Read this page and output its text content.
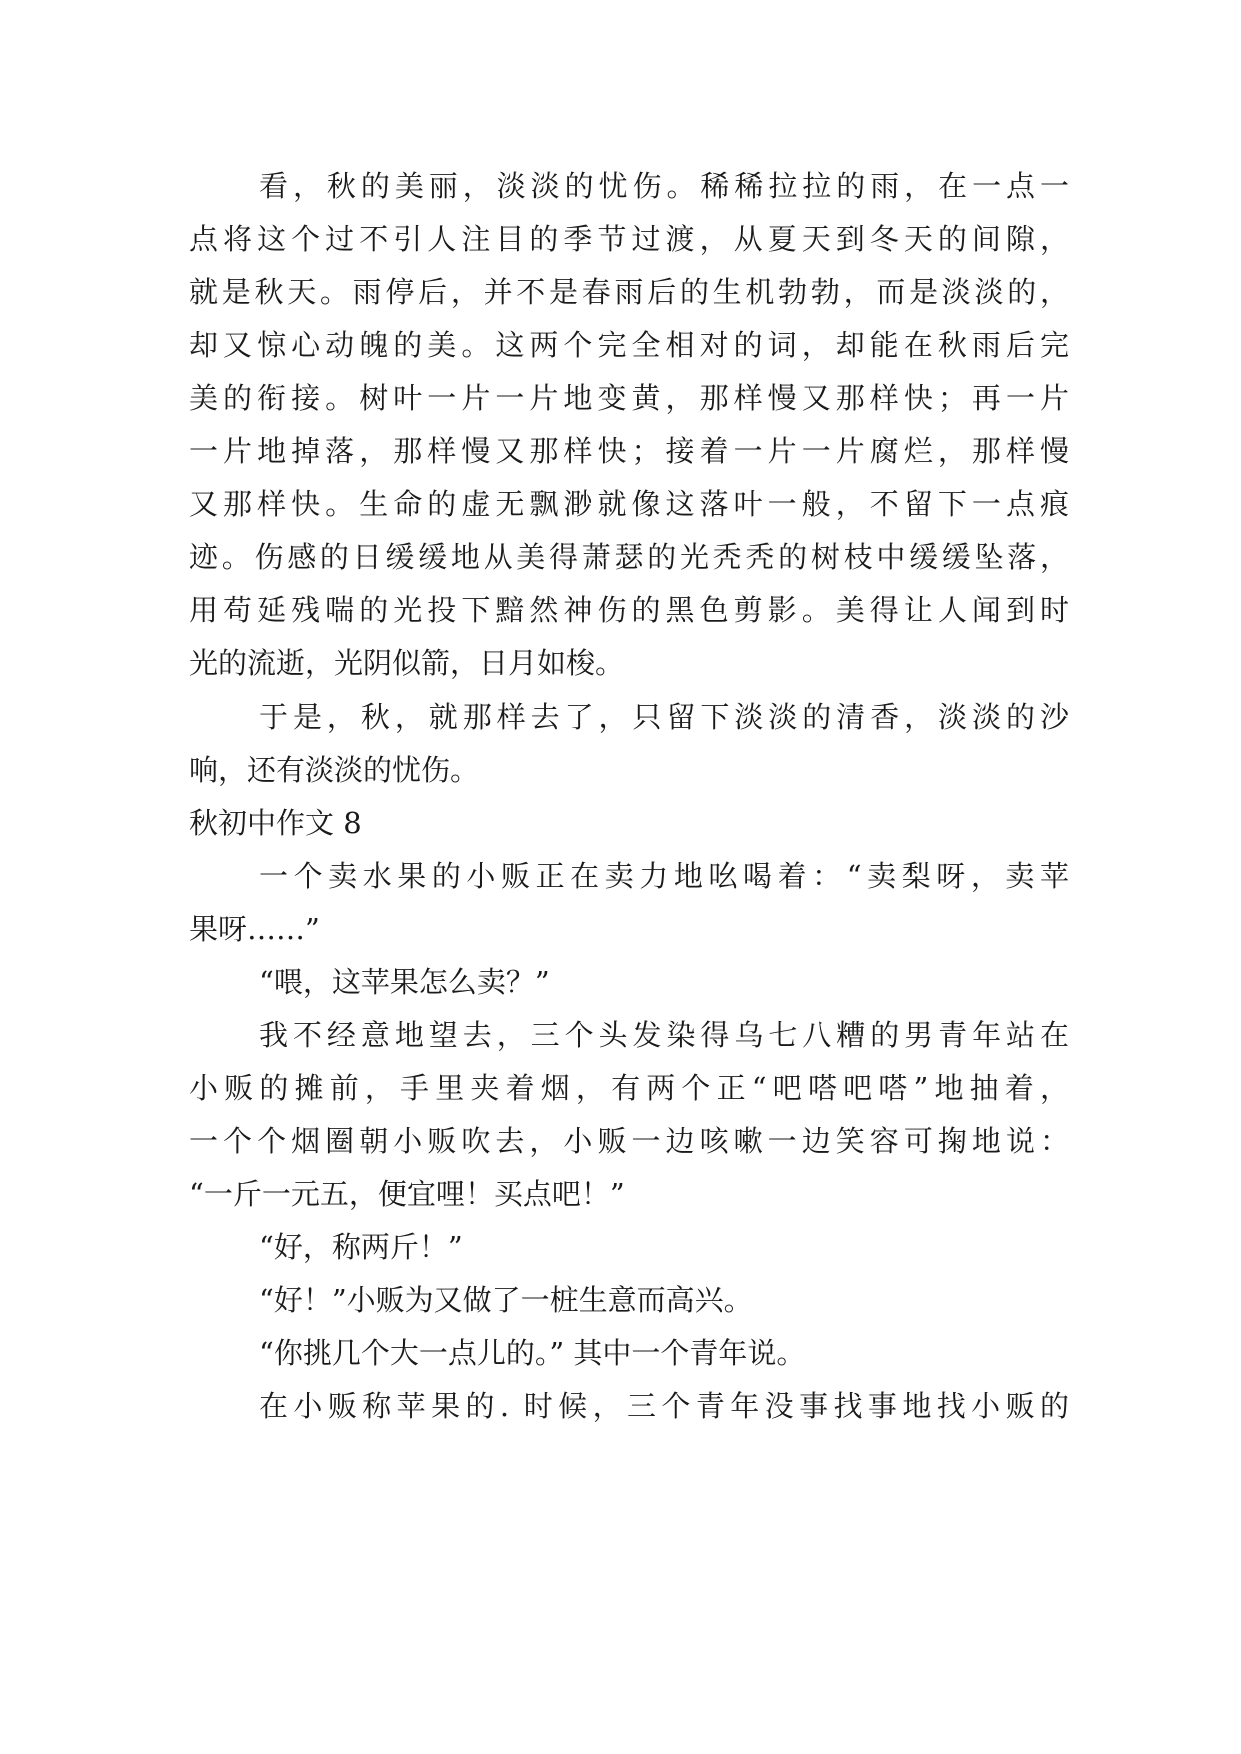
看，秋的美丽，淡淡的忧伤。稀稀拉拉的雨，在一点一
点将这个过不引人注目的季节过渡，从夏天到冬天的间隙，
就是秋天。雨停后，并不是春雨后的生机勃勃，而是淡淡的，
却又惊心动魄的美。这两个完全相对的词，却能在秋雨后完
美的衔接。树叶一片一片地变黄，那样慢又那样快；再一片
一片地掉落，那样慢又那样快；接着一片一片腐烂，那样慢
又那样快。生命的虚无飘渺就像这落叶一般，不留下一点痕
迹。伤感的日缓缓地从美得萧瑟的光秃秃的树枝中缓缓坠落，
用苟延残喘的光投下黯然神伤的黑色剪影。美得让人闻到时
光的流逝，光阴似箭，日月如梭。
于是，秋，就那样去了，只留下淡淡的清香，淡淡的沙
响，还有淡淡的忧伤。
秋初中作文 8
一个卖水果的小贩正在卖力地吆喝着：“卖梨呀，卖苹
果呀……”
“喂，这苹果怎么卖？”
我不经意地望去，三个头发染得乌七八糟的男青年站在
小贩的摊前，手里夹着烟，有两个正“吧嗒吧嗒”地抽着，
一个个烟圈朝小贩吹去，小贩一边咳嗽一边笑容可掬地说：
“一斤一元五，便宜哩！买点吧！”
“好，称两斤！”
“好！”小贩为又做了一桩生意而高兴。
“你挑几个大一点儿的。” 其中一个青年说。
在小贩称苹果的. 时候，三个青年没事找事地找小贩的
